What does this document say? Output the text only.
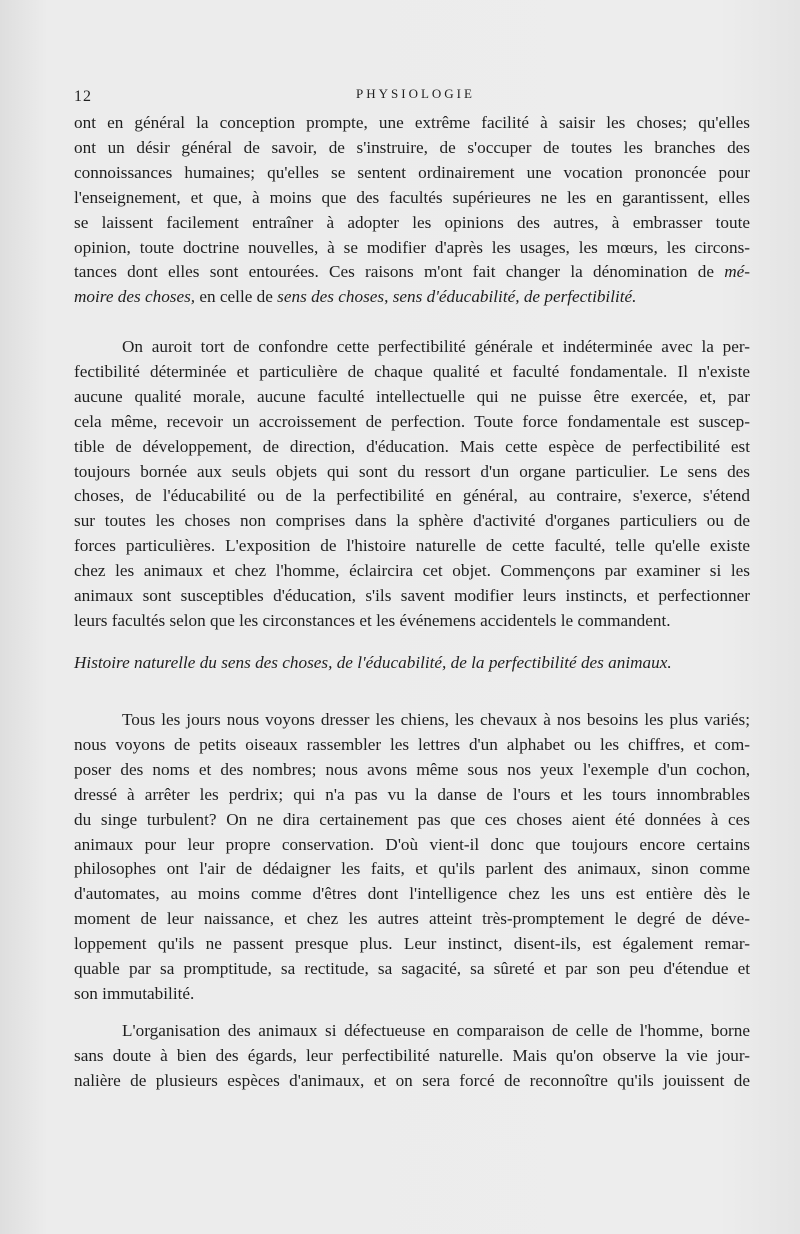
12	PHYSIOLOGIE

ont en général la conception prompte, une extrême facilité à saisir les choses; qu'elles
ont un désir général de savoir, de s'instruire, de s'occuper de toutes les branches des
connoissances humaines; qu'elles se sentent ordinairement une vocation prononcée pour
l'enseignement, et que, à moins que des facultés supérieures ne les en garantissent, elles
se laissent facilement entraîner à adopter les opinions des autres, à embrasser toute
opinion, toute doctrine nouvelles, à se modifier d'après les usages, les mœurs, les circons-
tances dont elles sont entourées. Ces raisons m'ont fait changer la dénomination de mé-
moire des choses, en celle de sens des choses, sens d'éducabilité, de perfectibilité.

On auroit tort de confondre cette perfectibilité générale et indéterminée avec la per-
fectibilité déterminée et particulière de chaque qualité et faculté fondamentale. Il n'existe
aucune qualité morale, aucune faculté intellectuelle qui ne puisse être exercée, et, par
cela même, recevoir un accroissement de perfection. Toute force fondamentale est suscep-
tible de développement, de direction, d'éducation. Mais cette espèce de perfectibilité est
toujours bornée aux seuls objets qui sont du ressort d'un organe particulier. Le sens des
choses, de l'éducabilité ou de la perfectibilité en général, au contraire, s'exerce, s'étend
sur toutes les choses non comprises dans la sphère d'activité d'organes particuliers ou de
forces particulières. L'exposition de l'histoire naturelle de cette faculté, telle qu'elle existe
chez les animaux et chez l'homme, éclaircira cet objet. Commençons par examiner si les
animaux sont susceptibles d'éducation, s'ils savent modifier leurs instincts, et perfectionner
leurs facultés selon que les circonstances et les événemens accidentels le commandent.

Histoire naturelle du sens des choses, de l'éducabilité, de la perfectibilité des animaux.

Tous les jours nous voyons dresser les chiens, les chevaux à nos besoins les plus variés;
nous voyons de petits oiseaux rassembler les lettres d'un alphabet ou les chiffres, et com-
poser des noms et des nombres; nous avons même sous nos yeux l'exemple d'un cochon,
dressé à arrêter les perdrix; qui n'a pas vu la danse de l'ours et les tours innombrables
du singe turbulent? On ne dira certainement pas que ces choses aient été données à ces
animaux pour leur propre conservation. D'où vient-il donc que toujours encore certains
philosophes ont l'air de dédaigner les faits, et qu'ils parlent des animaux, sinon comme
d'automates, au moins comme d'êtres dont l'intelligence chez les uns est entière dès le
moment de leur naissance, et chez les autres atteint très-promptement le degré de déve-
loppement qu'ils ne passent presque plus. Leur instinct, disent-ils, est également remar-
quable par sa promptitude, sa rectitude, sa sagacité, sa sûreté et par son peu d'étendue et
son immutabilité.

L'organisation des animaux si défectueuse en comparaison de celle de l'homme, borne
sans doute à bien des égards, leur perfectibilité naturelle. Mais qu'on observe la vie jour-
nalière de plusieurs espèces d'animaux, et on sera forcé de reconnoître qu'ils jouissent de
